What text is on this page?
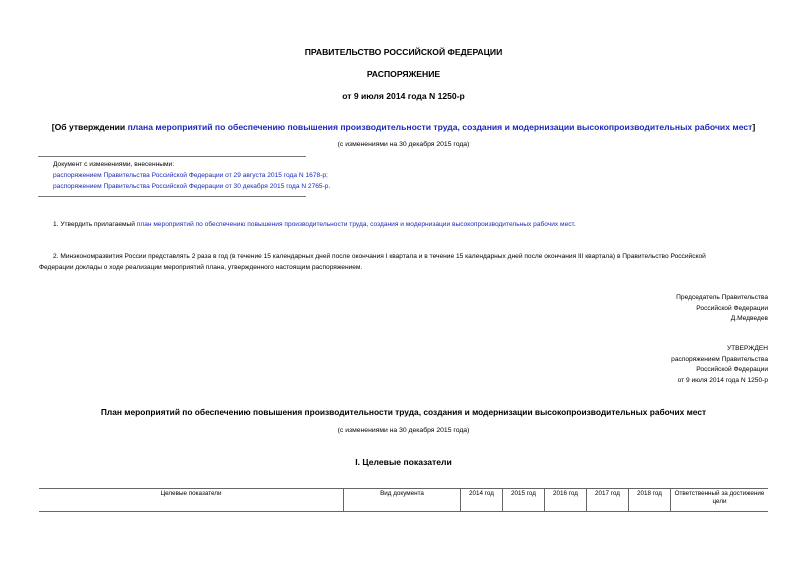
ПРАВИТЕЛЬСТВО РОССИЙСКОЙ ФЕДЕРАЦИИ
РАСПОРЯЖЕНИЕ
от 9 июля 2014 года N 1250-р
[Об утверждении плана мероприятий по обеспечению повышения производительности труда, создания и модернизации высокопроизводительных рабочих мест]
(с изменениями на 30 декабря 2015 года)
Документ с изменениями, внесенными:
распоряжением Правительства Российской Федерации от 29 августа 2015 года N 1678-р;
распоряжением Правительства Российской Федерации от 30 декабря 2015 года N 2765-р.
1. Утвердить прилагаемый план мероприятий по обеспечению повышения производительности труда, создания и модернизации высокопроизводительных рабочих мест.
2. Минэкономразвития России представлять 2 раза в год (в течение 15 календарных дней после окончания I квартала и в течение 15 календарных дней после окончания III квартала) в Правительство Российской
Федерации доклады о ходе реализации мероприятий плана, утвержденного настоящим распоряжением.
Председатель Правительства
Российской Федерации
Д.Медведев
УТВЕРЖДЕН
распоряжением Правительства
Российской Федерации
от 9 июля 2014 года N 1250-р
План мероприятий по обеспечению повышения производительности труда, создания и модернизации высокопроизводительных рабочих мест
(с изменениями на 30 декабря 2015 года)
I. Целевые показатели
Целевые показатели	Вид документа	2014 год	2015 год	2016 год	2017 год	2018 год	Ответственный за достижение цели
